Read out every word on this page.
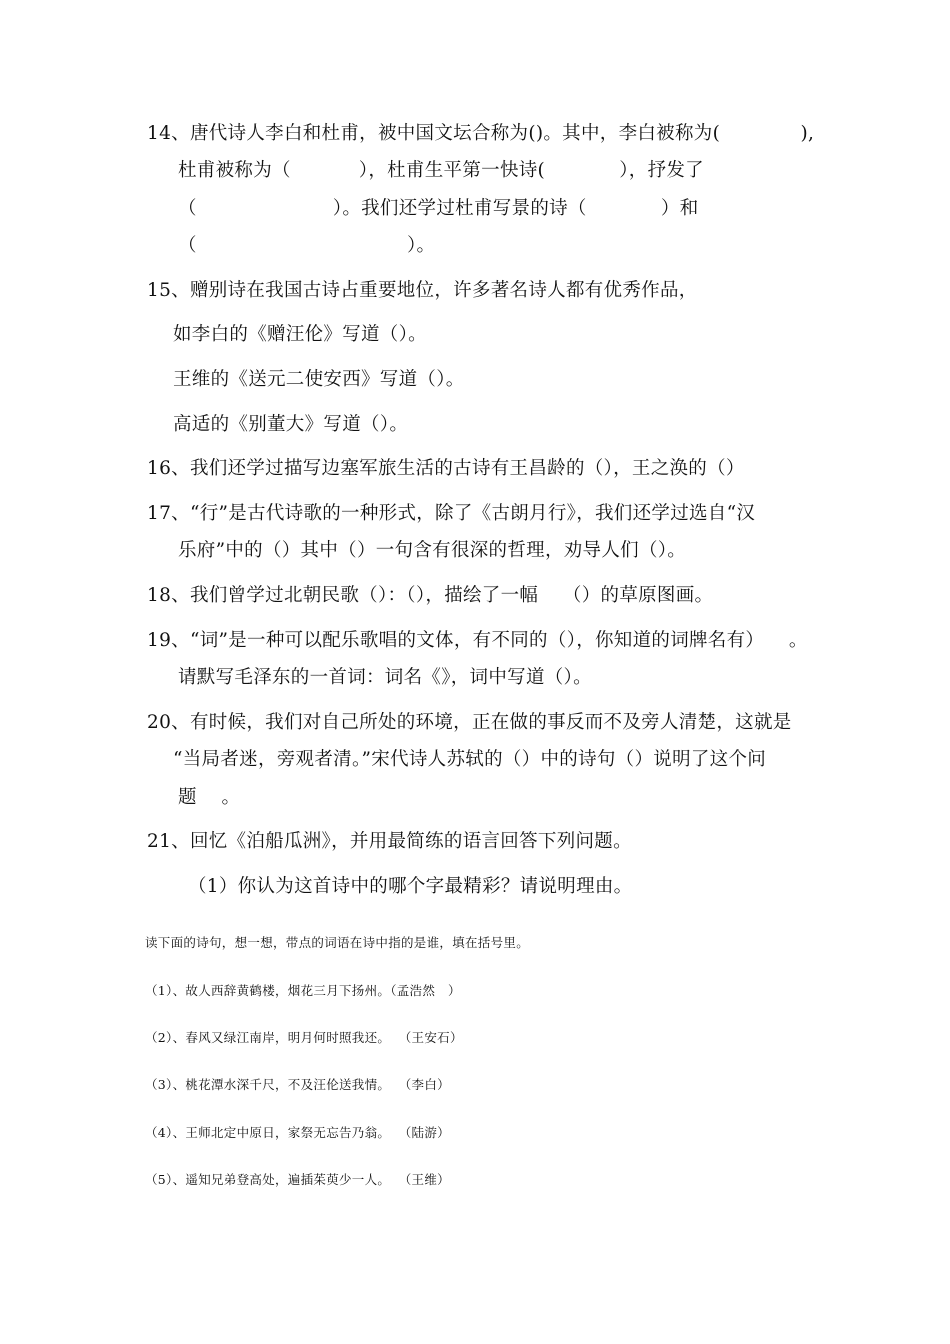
14、唐代诗人李白和杜甫，被中国文坛合称为()。其中，李白被称为(             ),
杜甫被称为（           ），杜甫生平第一快诗(            ），抒发了
（                      ）。我们还学过杜甫写景的诗（            ）和
（                                  ）。
15、赠别诗在我国古诗占重要地位，许多著名诗人都有优秀作品，
如李白的《赠汪伦》写道（）。
王维的《送元二使安西》写道（）。
高适的《别董大》写道（）。
16、我们还学过描写边塞军旅生活的古诗有王昌龄的（），王之涣的（）
17、“行”是古代诗歌的一种形式，除了《古朗月行》，我们还学过选自“汉
乐府”中的（）其中（）一句含有很深的哲理，劝导人们（）。
18、我们曾学过北朝民歌（）：（），描绘了一幅    （）的草原图画。
19、“词”是一种可以配乐歌唱的文体，有不同的（），你知道的词牌名有）    。
请默写毛泽东的一首词：词名《》，词中写道（）。
20、有时候，我们对自己所处的环境，正在做的事反而不及旁人清楚，这就是
“当局者迷，旁观者清。”宋代诗人苏轼的（）中的诗句（）说明了这个问
题    。
21、回忆《泊船瓜洲》，并用最简练的语言回答下列问题。
（1）你认为这首诗中的哪个字最精彩？请说明理由。
读下面的诗句，想一想，带点的词语在诗中指的是谁，填在括号里。
（1）、故人西辞黄鹤楼，烟花三月下扬州。（孟浩然   ）
（2）、春风又绿江南岸，明月何时照我还。  （王安石）
（3）、桃花潭水深千尺，不及汪伦送我情。  （李白）
（4）、王师北定中原日，家祭无忘告乃翁。  （陆游）
（5）、遥知兄弟登高处，遍插茱萸少一人。  （王维）
